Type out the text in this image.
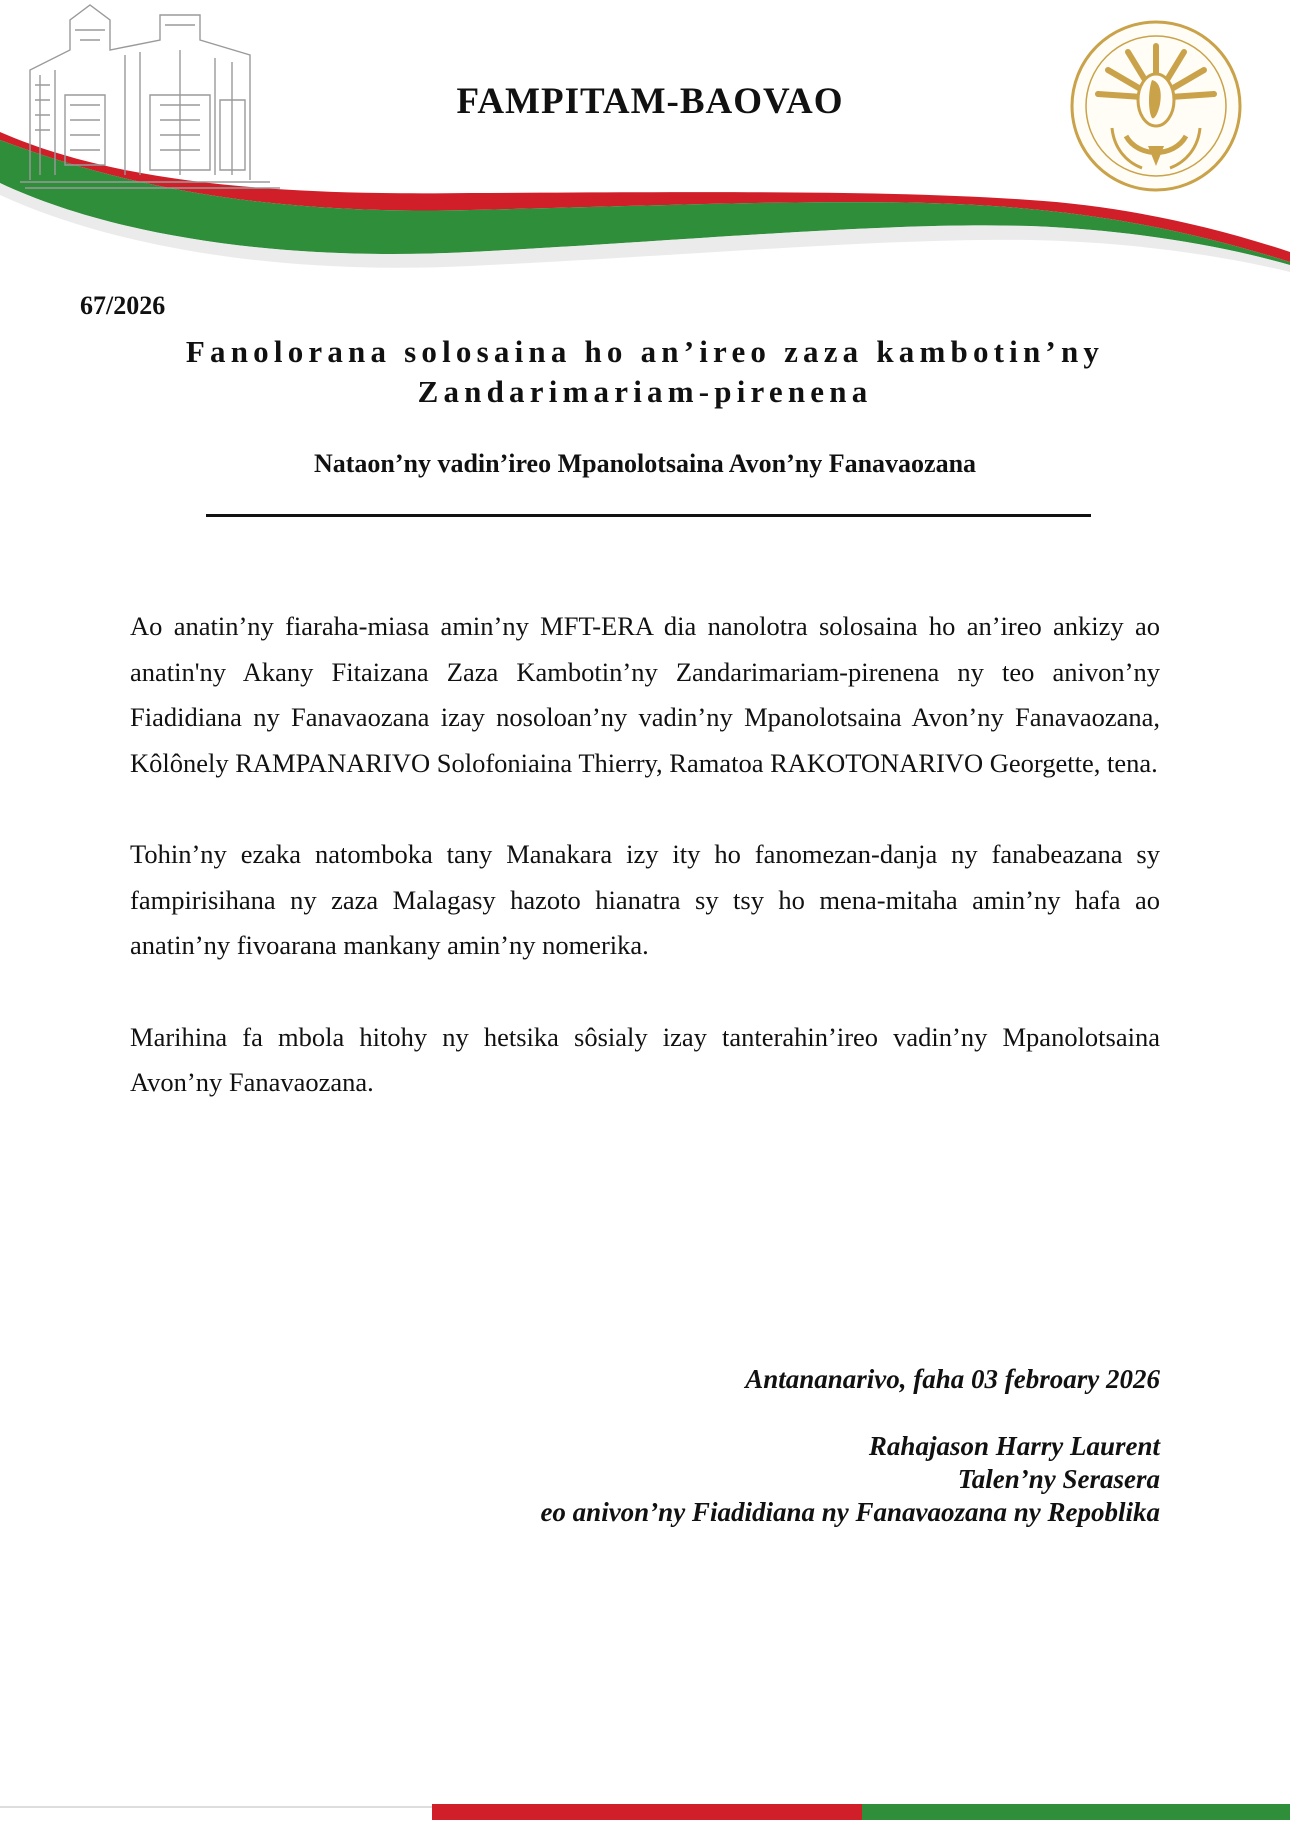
FAMPITAM-BAOVAO
67/2026
Fanolorana solosaina ho an’ireo zaza kambotin’ny Zandarimariam-pirenena
Nataon’ny vadin’ireo Mpanolotsaina Avon’ny Fanavaozana

Ao anatin’ny fiaraha-miasa amin’ny MFT-ERA dia nanolotra solosaina ho an’ireo ankizy ao anatin'ny Akany Fitaizana Zaza Kambotin’ny Zandarimariam-pirenena ny teo anivon’ny Fiadidiana ny Fanavaozana izay nosoloan’ny vadin’ny Mpanolotsaina Avon’ny Fanavaozana, Kôlônely RAMPANARIVO Solofoniaina Thierry, Ramatoa RAKOTONARIVO Georgette, tena.

Tohin’ny ezaka natomboka tany Manakara izy ity ho fanomezan-danja ny fanabeazana sy fampirisihana ny zaza Malagasy hazoto hianatra sy tsy ho mena-mitaha amin’ny hafa ao anatin’ny fivoarana mankany amin’ny nomerika.

Marihina fa mbola hitohy ny hetsika sôsialy izay tanterahin’ireo vadin’ny Mpanolotsaina Avon’ny Fanavaozana.

Antananarivo, faha 03 febroary 2026
Rahajason Harry Laurent
Talen’ny Serasera
eo anivon’ny Fiadidiana ny Fanavaozana ny Repoblika
